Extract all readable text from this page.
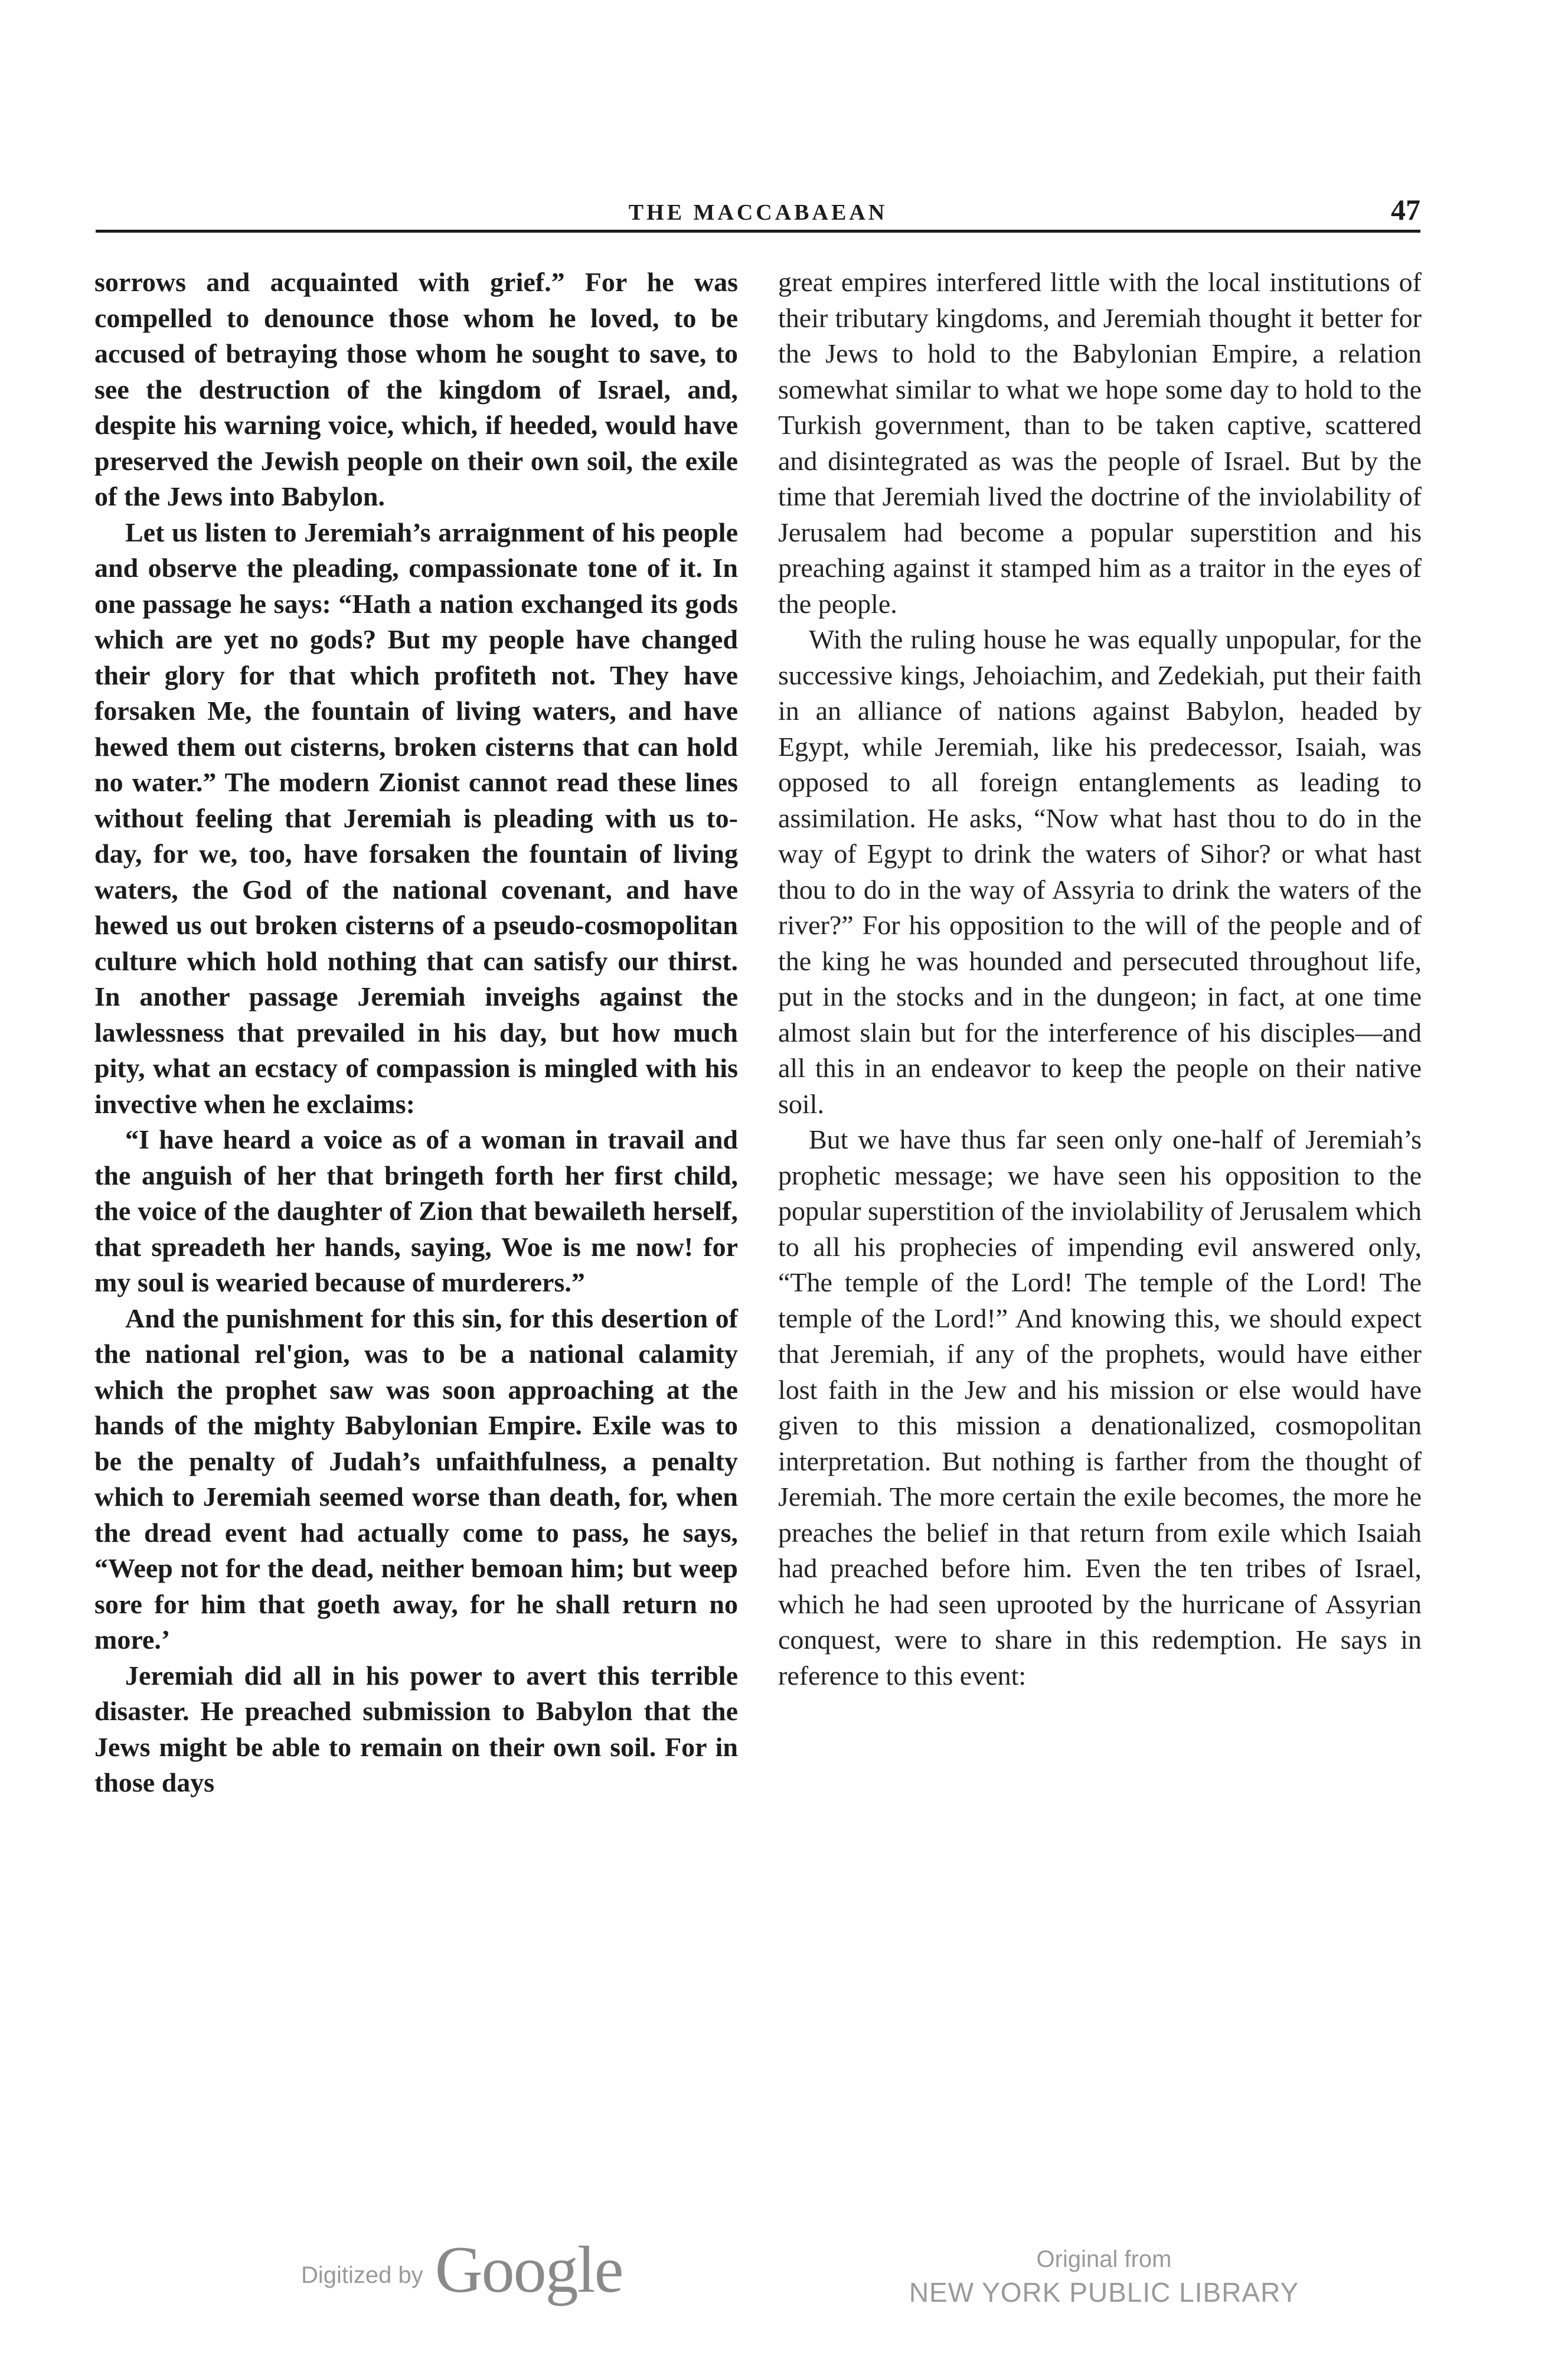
THE MACCABAEAN	47

sorrows and acquainted with grief.” For he was compelled to denounce those whom he loved, to be accused of betraying those whom he sought to save, to see the destruction of the kingdom of Israel, and, despite his warning voice, which, if heeded, would have preserved the Jewish people on their own soil, the exile of the Jews into Babylon.

Let us listen to Jeremiah’s arraignment of his people and observe the pleading, compassionate tone of it. In one passage he says: “Hath a nation exchanged its gods which are yet no gods? But my people have changed their glory for that which profiteth not. They have forsaken Me, the fountain of living waters, and have hewed them out cisterns, broken cisterns that can hold no water.” The modern Zionist cannot read these lines without feeling that Jeremiah is pleading with us to-day, for we, too, have forsaken the fountain of living waters, the God of the national covenant, and have hewed us out broken cisterns of a pseudo-cosmopolitan culture which hold nothing that can satisfy our thirst. In another passage Jeremiah inveighs against the lawlessness that prevailed in his day, but how much pity, what an ecstacy of compassion is mingled with his invective when he exclaims:

“I have heard a voice as of a woman in travail and the anguish of her that bringeth forth her first child, the voice of the daughter of Zion that bewaileth herself, that spreadeth her hands, saying, Woe is me now! for my soul is wearied because of murderers.”

And the punishment for this sin, for this desertion of the national rel'gion, was to be a national calamity which the prophet saw was soon approaching at the hands of the mighty Babylonian Empire. Exile was to be the penalty of Judah’s unfaithfulness, a penalty which to Jeremiah seemed worse than death, for, when the dread event had actually come to pass, he says, “Weep not for the dead, neither bemoan him; but weep sore for him that goeth away, for he shall return no more.’

Jeremiah did all in his power to avert this terrible disaster. He preached submission to Babylon that the Jews might be able to remain on their own soil. For in those days

great empires interfered little with the local institutions of their tributary kingdoms, and Jeremiah thought it better for the Jews to hold to the Babylonian Empire, a relation somewhat similar to what we hope some day to hold to the Turkish government, than to be taken captive, scattered and disintegrated as was the people of Israel. But by the time that Jeremiah lived the doctrine of the inviolability of Jerusalem had become a popular superstition and his preaching against it stamped him as a traitor in the eyes of the people.

With the ruling house he was equally unpopular, for the successive kings, Jehoiachim, and Zedekiah, put their faith in an alliance of nations against Babylon, headed by Egypt, while Jeremiah, like his predecessor, Isaiah, was opposed to all foreign entanglements as leading to assimilation. He asks, “Now what hast thou to do in the way of Egypt to drink the waters of Sihor? or what hast thou to do in the way of Assyria to drink the waters of the river?” For his opposition to the will of the people and of the king he was hounded and persecuted throughout life, put in the stocks and in the dungeon; in fact, at one time almost slain but for the interference of his disciples—and all this in an endeavor to keep the people on their native soil.

But we have thus far seen only one-half of Jeremiah’s prophetic message; we have seen his opposition to the popular superstition of the inviolability of Jerusalem which to all his prophecies of impending evil answered only, “The temple of the Lord! The temple of the Lord! The temple of the Lord!” And knowing this, we should expect that Jeremiah, if any of the prophets, would have either lost faith in the Jew and his mission or else would have given to this mission a denationalized, cosmopolitan interpretation. But nothing is farther from the thought of Jeremiah. The more certain the exile becomes, the more he preaches the belief in that return from exile which Isaiah had preached before him. Even the ten tribes of Israel, which he had seen uprooted by the hurricane of Assyrian conquest, were to share in this redemption. He says in reference to this event:

Digitized by Google	Original from
NEW YORK PUBLIC LIBRARY
